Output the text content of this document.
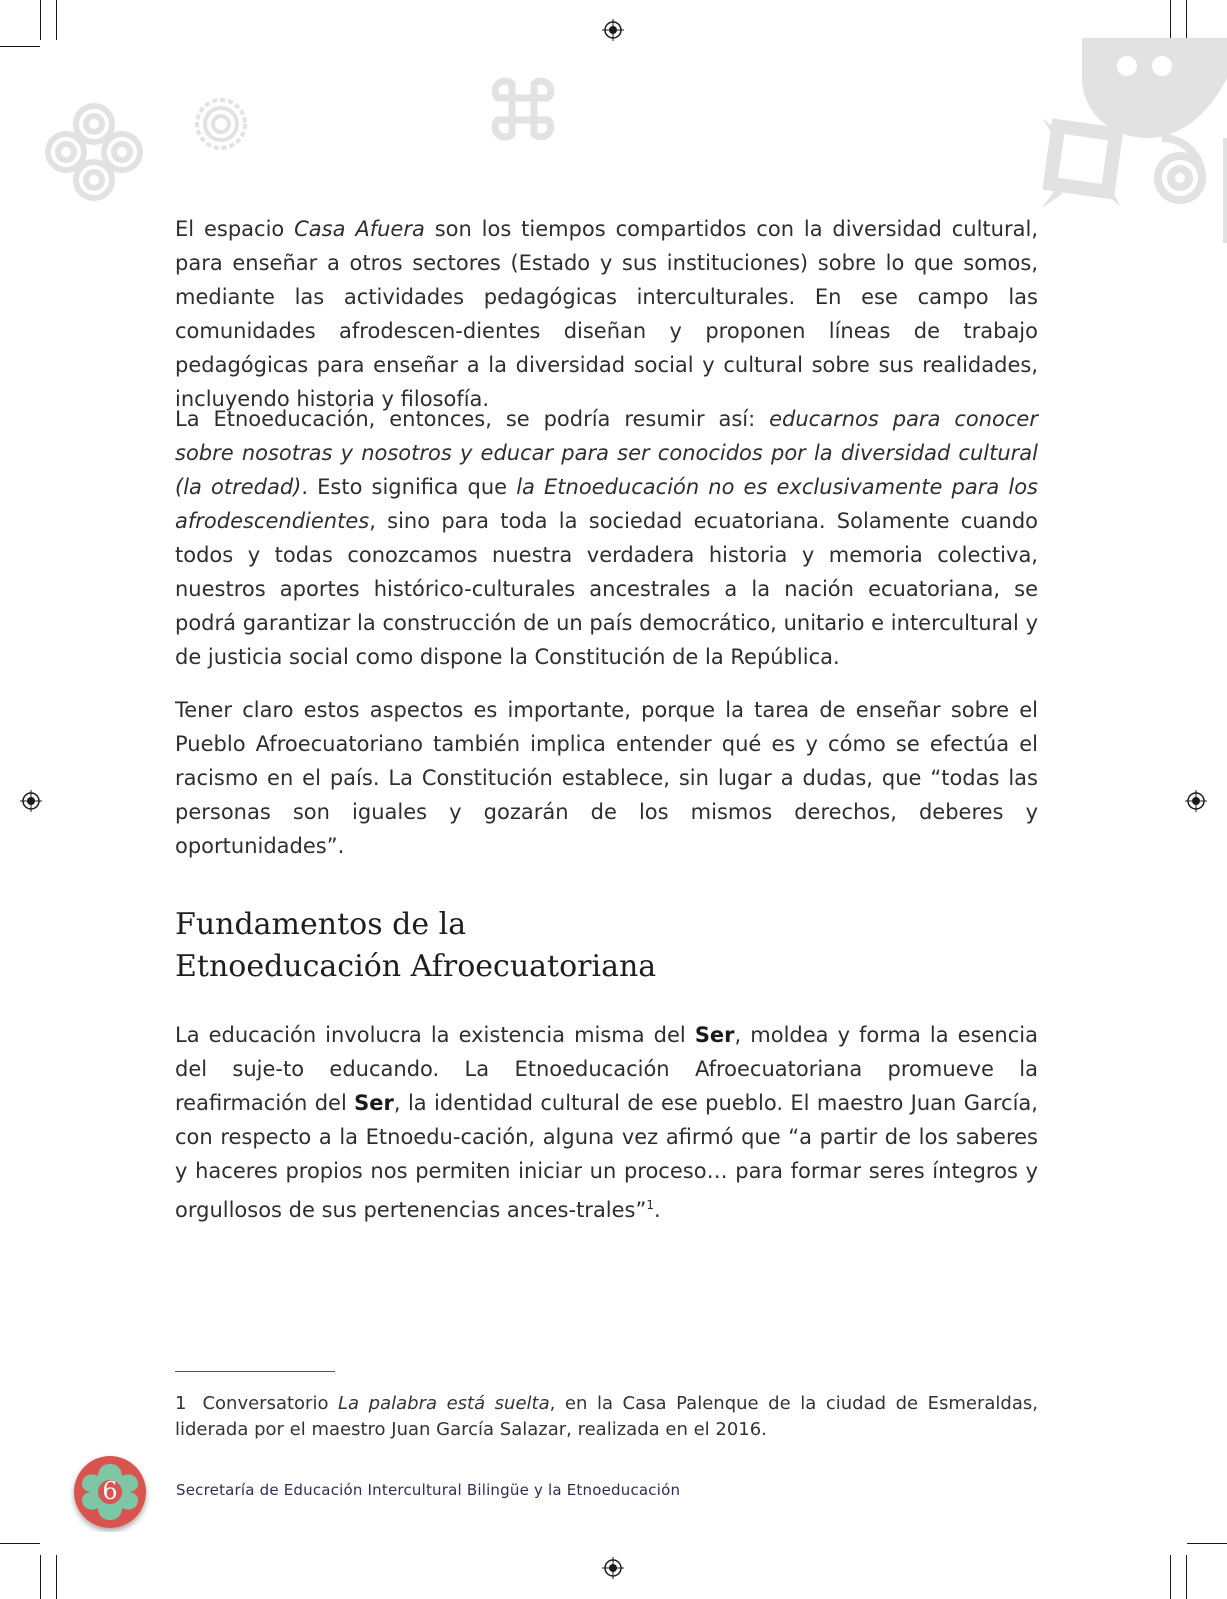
El espacio Casa Afuera son los tiempos compartidos con la diversidad cultural, para enseñar a otros sectores (Estado y sus instituciones) sobre lo que somos, mediante las actividades pedagógicas interculturales. En ese campo las comunidades afrodescen-dientes diseñan y proponen líneas de trabajo pedagógicas para enseñar a la diversidad social y cultural sobre sus realidades, incluyendo historia y filosofía.

La Etnoeducación, entonces, se podría resumir así: educarnos para conocer sobre nosotras y nosotros y educar para ser conocidos por la diversidad cultural (la otredad). Esto significa que la Etnoeducación no es exclusivamente para los afrodescendientes, sino para toda la sociedad ecuatoriana. Solamente cuando todos y todas conozcamos nuestra verdadera historia y memoria colectiva, nuestros aportes histórico-culturales ancestrales a la nación ecuatoriana, se podrá garantizar la construcción de un país democrático, unitario e intercultural y de justicia social como dispone la Constitución de la República.

Tener claro estos aspectos es importante, porque la tarea de enseñar sobre el Pueblo Afroecuatoriano también implica entender qué es y cómo se efectúa el racismo en el país. La Constitución establece, sin lugar a dudas, que “todas las personas son iguales y gozarán de los mismos derechos, deberes y oportunidades”.

Fundamentos de la
Etnoeducación Afroecuatoriana

La educación involucra la existencia misma del Ser, moldea y forma la esencia del suje-to educando. La Etnoeducación Afroecuatoriana promueve la reafirmación del Ser, la identidad cultural de ese pueblo. El maestro Juan García, con respecto a la Etnoedu-cación, alguna vez afirmó que “a partir de los saberes y haceres propios nos permiten iniciar un proceso… para formar seres íntegros y orgullosos de sus pertenencias ances-trales”$^1$.

1 Conversatorio La palabra está suelta, en la Casa Palenque de la ciudad de Esmeraldas, liderada por el maestro Juan García Salazar, realizada en el 2016.
6	Secretaría de Educación Intercultural Bilingüe y la Etnoeducación
